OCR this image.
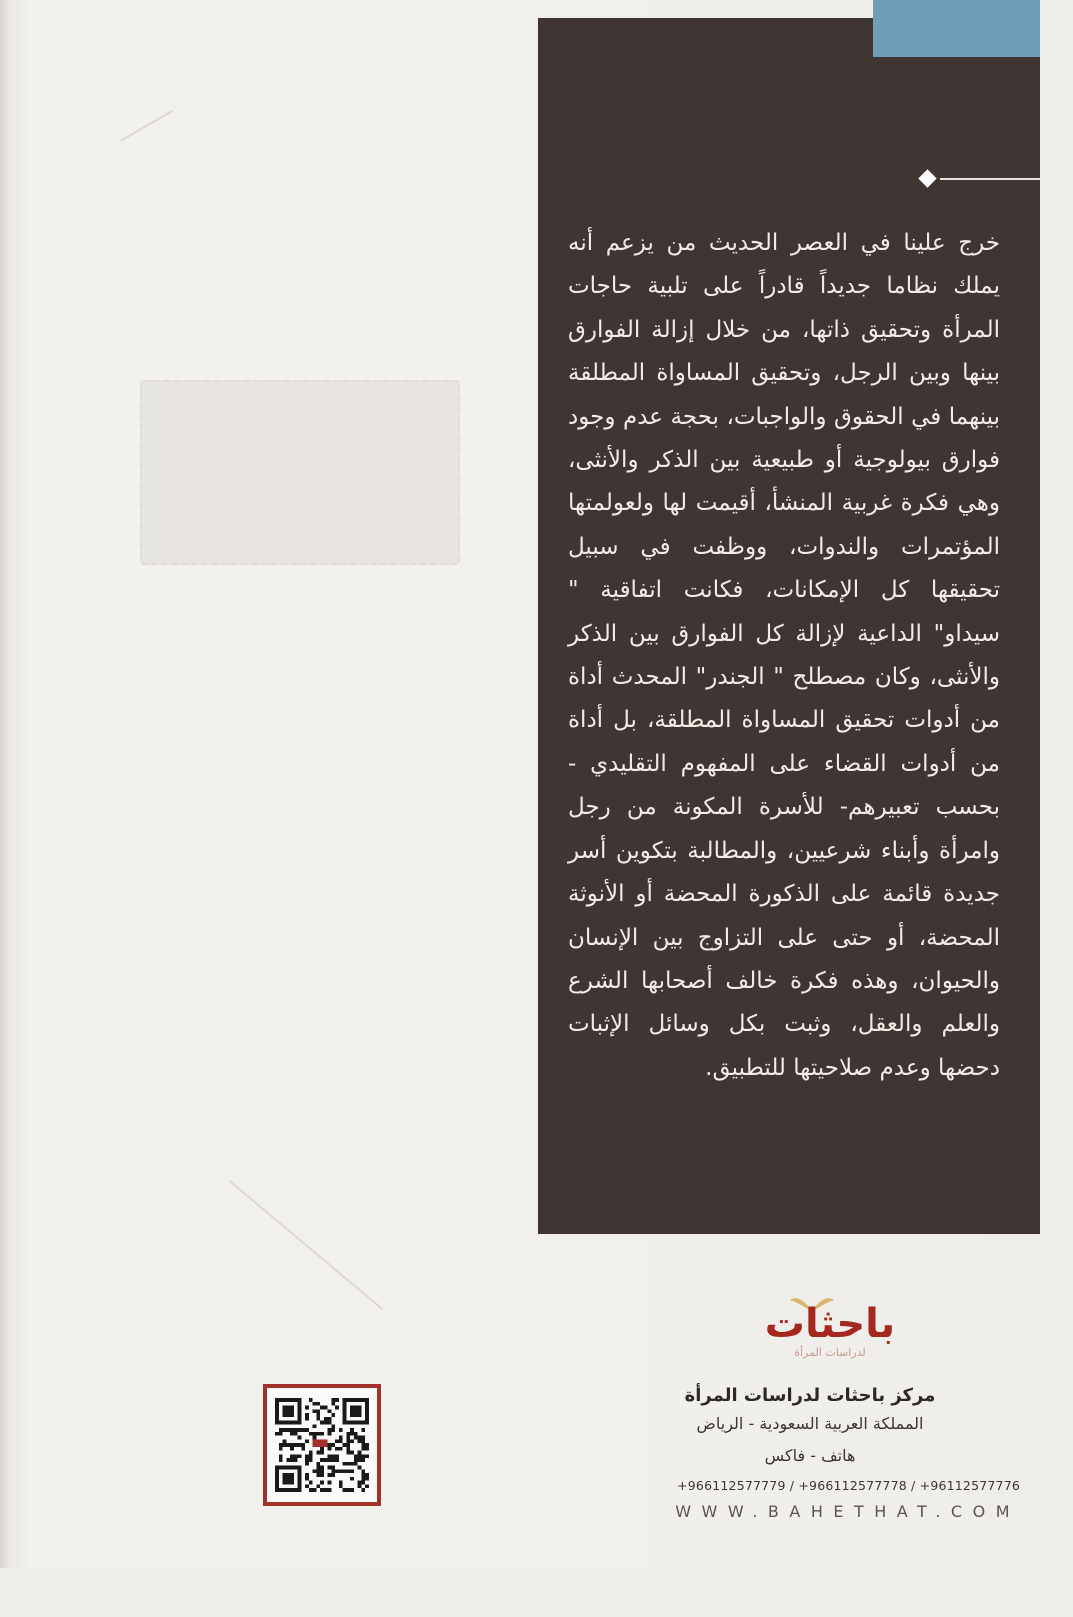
خرج علينا في العصر الحديث من يزعم أنه يملك نظاما جديداً قادراً على تلبية حاجات المرأة وتحقيق ذاتها، من خلال إزالة الفوارق بينها وبين الرجل، وتحقيق المساواة المطلقة بينهما في الحقوق والواجبات، بحجة عدم وجود فوارق بيولوجية أو طبيعية بين الذكر والأنثى، وهي فكرة غربية المنشأ، أقيمت لها ولعولمتها المؤتمرات والندوات، ووظفت في سبيل تحقيقها كل الإمكانات، فكانت اتفاقية " سيداو" الداعية لإزالة كل الفوارق بين الذكر والأنثى، وكان مصطلح " الجندر" المحدث أداة من أدوات تحقيق المساواة المطلقة، بل أداة من أدوات القضاء على المفهوم التقليدي - بحسب تعبيرهم- للأسرة المكونة من رجل وامرأة وأبناء شرعيين، والمطالبة بتكوين أسر جديدة قائمة على الذكورة المحضة أو الأنوثة المحضة، أو حتى على التزاوج بين الإنسان والحيوان، وهذه فكرة خالف أصحابها الشرع والعلم والعقل، وثبت بكل وسائل الإثبات دحضها وعدم صلاحيتها للتطبيق.

باحثات
لدراسات المرأة
مركز باحثات لدراسات المرأة
المملكة العربية السعودية - الرياض
هاتف - فاكس
+966112577779 / +966112577778 / +96112577776
WWW.BAHETHAT.COM
